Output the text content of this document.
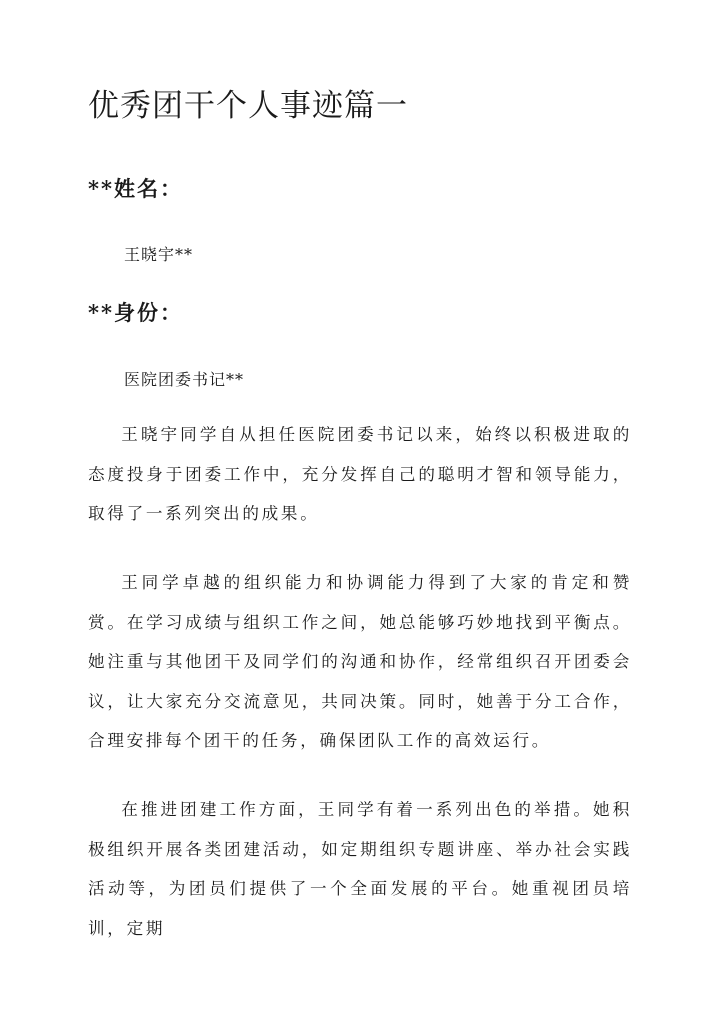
优秀团干个人事迹篇一
**姓名：

王晓宇**

**身份：

医院团委书记**

王晓宇同学自从担任医院团委书记以来，始终以积极进取的态度投身于团委工作中，充分发挥自己的聪明才智和领导能力，取得了一系列突出的成果。

王同学卓越的组织能力和协调能力得到了大家的肯定和赞赏。在学习成绩与组织工作之间，她总能够巧妙地找到平衡点。她注重与其他团干及同学们的沟通和协作，经常组织召开团委会议，让大家充分交流意见，共同决策。同时，她善于分工合作，合理安排每个团干的任务，确保团队工作的高效运行。

在推进团建工作方面，王同学有着一系列出色的举措。她积极组织开展各类团建活动，如定期组织专题讲座、举办社会实践活动等，为团员们提供了一个全面发展的平台。她重视团员培训，定期
